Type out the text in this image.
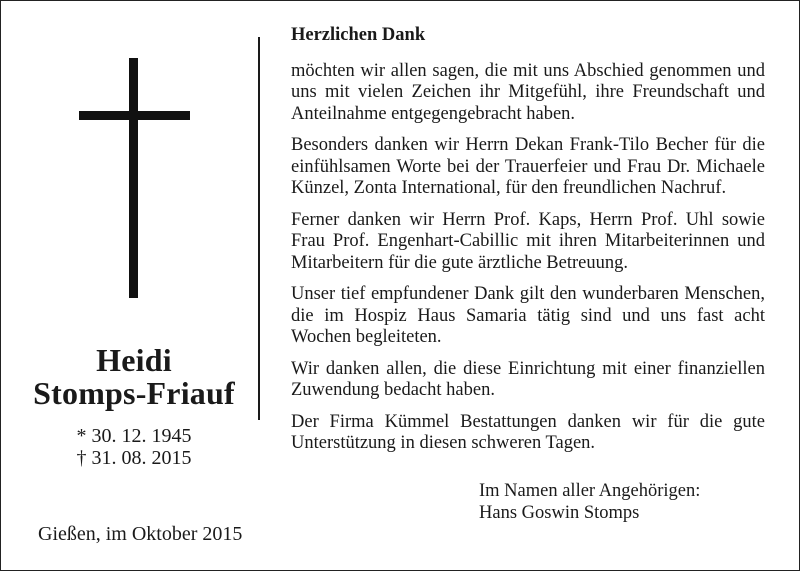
Heidi
Stomps-Friauf
* 30. 12. 1945
† 31. 08. 2015
Gießen, im Oktober 2015

Herzlichen Dank

möchten wir allen sagen, die mit uns Abschied genommen und uns mit vielen Zeichen ihr Mitgefühl, ihre Freundschaft und Anteilnahme entgegengebracht haben.

Besonders danken wir Herrn Dekan Frank-Tilo Becher für die einfühlsamen Worte bei der Trauerfeier und Frau Dr. Michaele Künzel, Zonta International, für den freundlichen Nachruf.

Ferner danken wir Herrn Prof. Kaps, Herrn Prof. Uhl sowie Frau Prof. Engenhart-Cabillic mit ihren Mitarbeiterinnen und Mitarbeitern für die gute ärztliche Betreuung.

Unser tief empfundener Dank gilt den wunderbaren Menschen, die im Hospiz Haus Samaria tätig sind und uns fast acht Wochen begleiteten.

Wir danken allen, die diese Einrichtung mit einer finanziellen Zuwendung bedacht haben.

Der Firma Kümmel Bestattungen danken wir für die gute Unterstützung in diesen schweren Tagen.

Im Namen aller Angehörigen:
Hans Goswin Stomps
